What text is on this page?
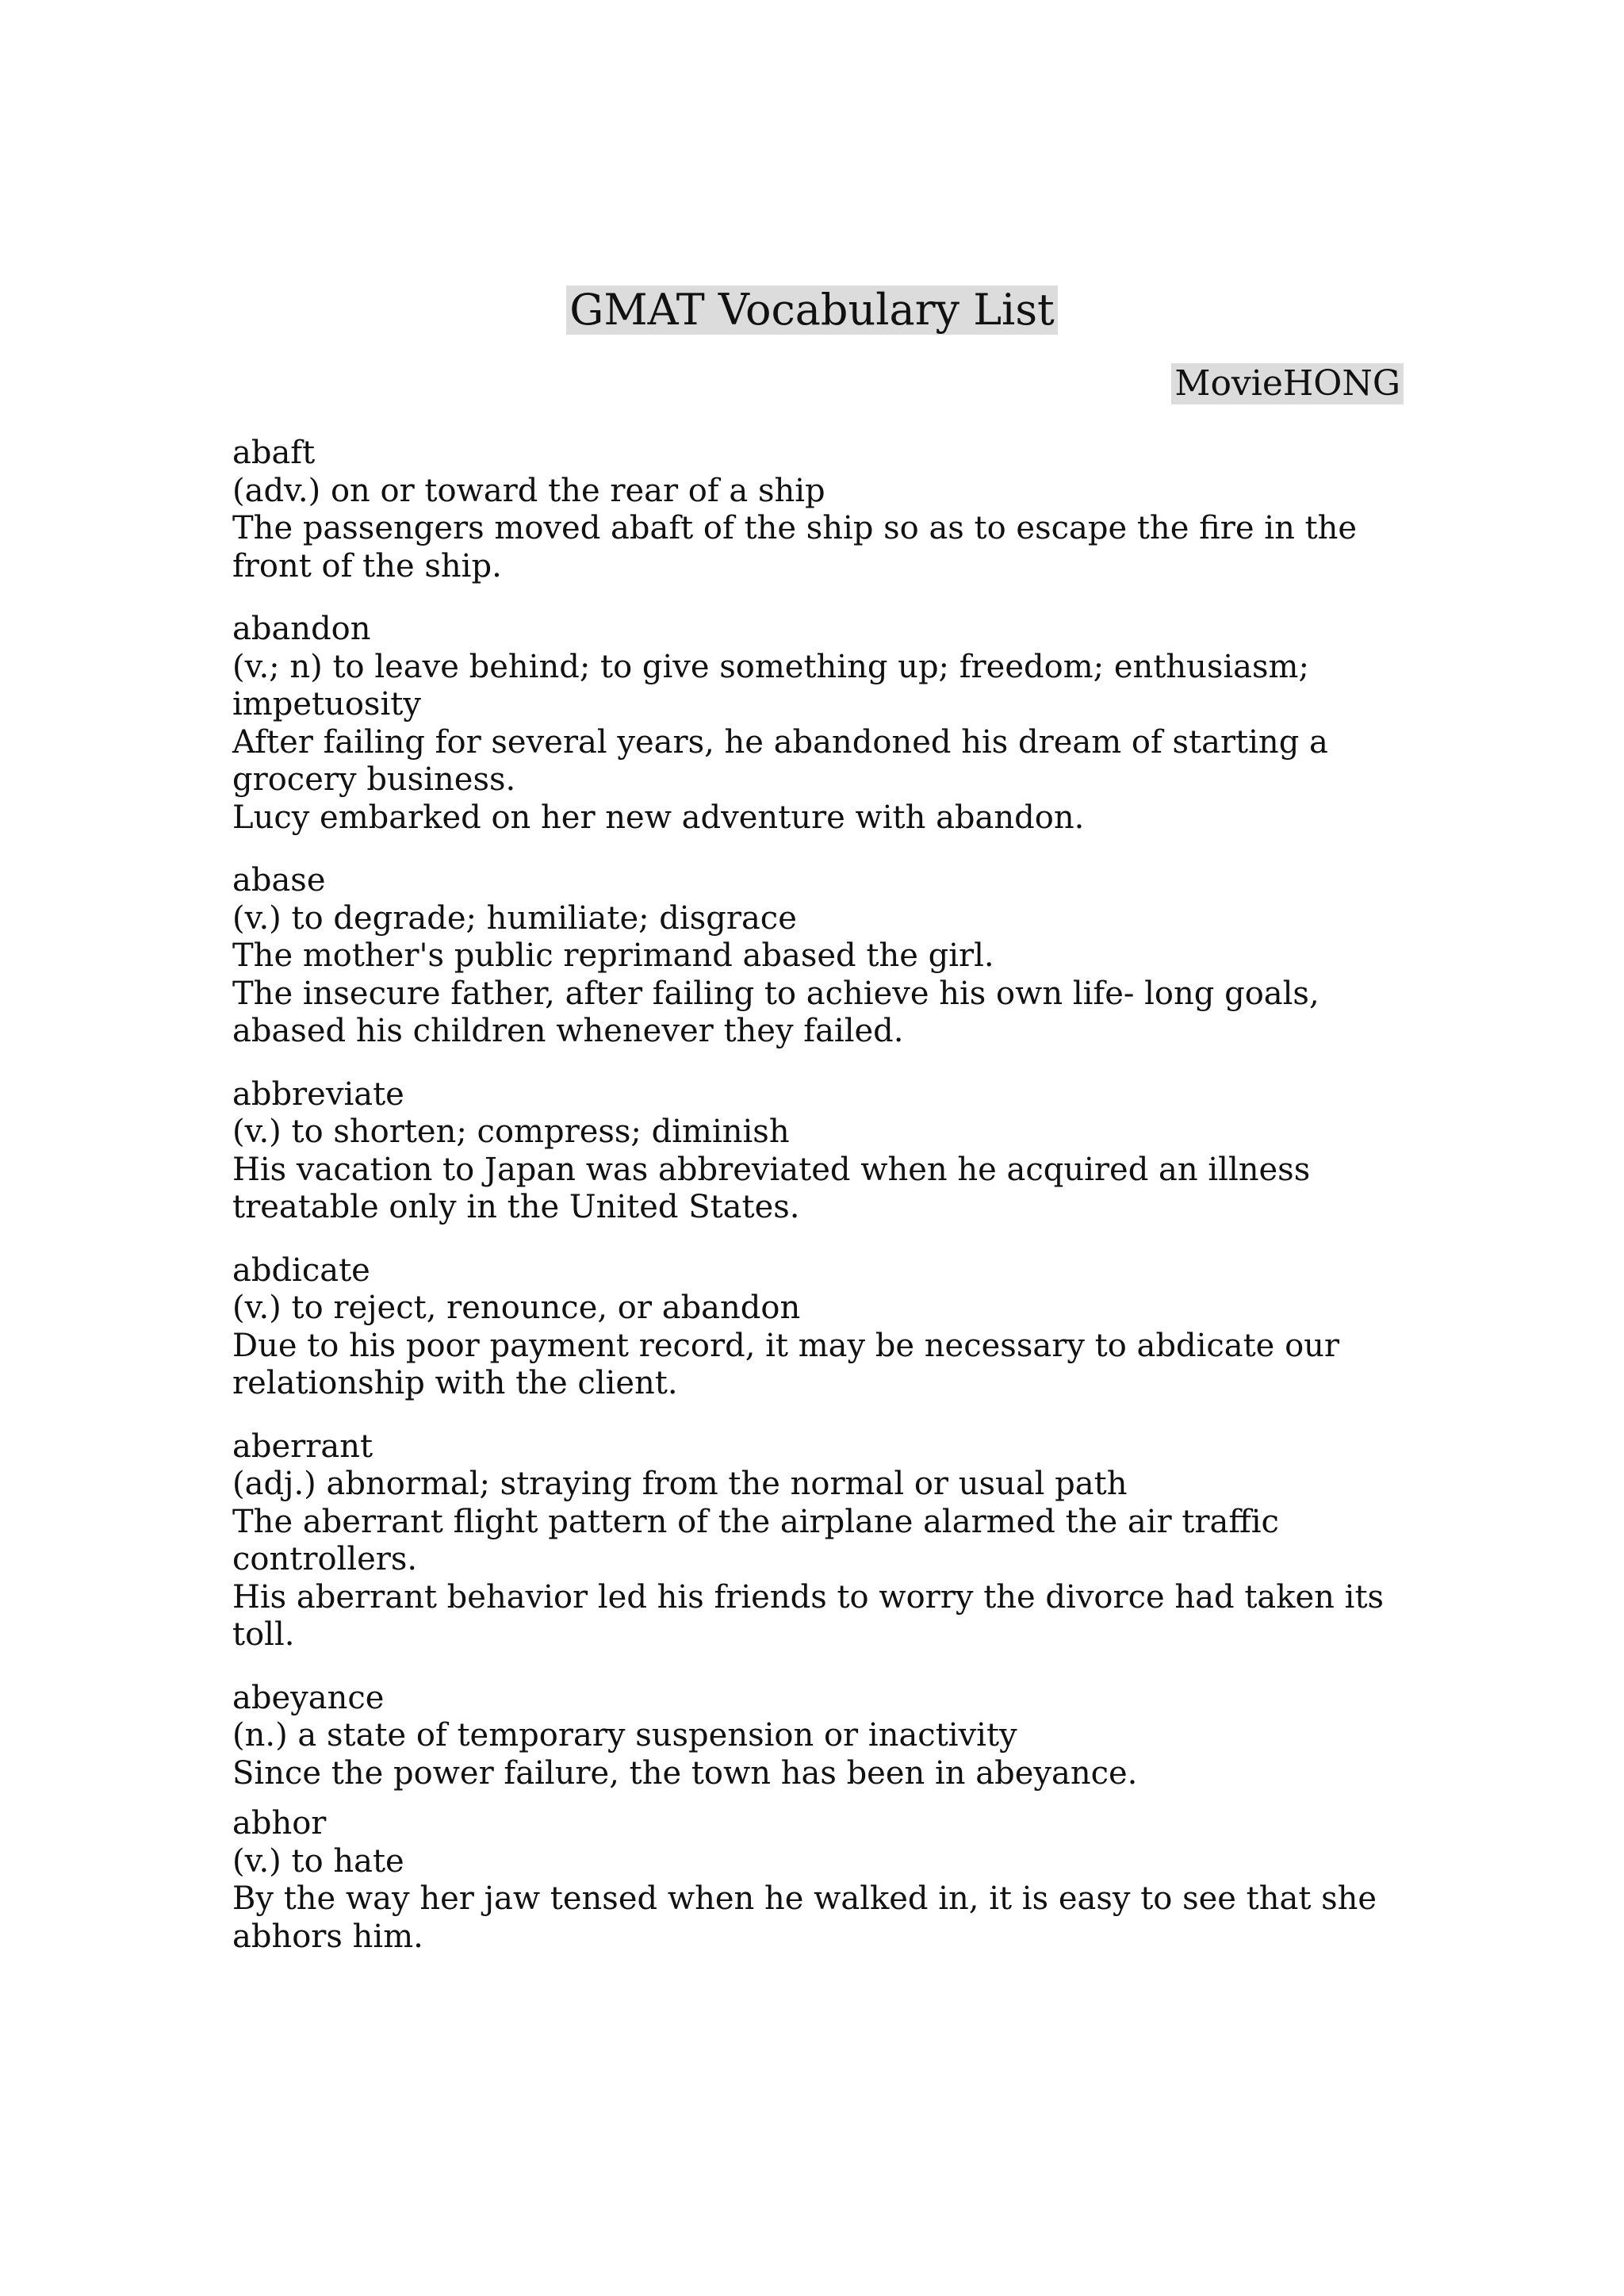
GMAT Vocabulary List
MovieHONG
abaft
(adv.) on or toward the rear of a ship
The passengers moved abaft of the ship so as to escape the fire in the front of the ship.
abandon
(v.; n) to leave behind; to give something up; freedom; enthusiasm; impetuosity
After failing for several years, he abandoned his dream of starting a grocery business.
Lucy embarked on her new adventure with abandon.
abase
(v.) to degrade; humiliate; disgrace
The mother's public reprimand abased the girl.
The insecure father, after failing to achieve his own life- long goals, abased his children whenever they failed.
abbreviate
(v.) to shorten; compress; diminish
His vacation to Japan was abbreviated when he acquired an illness treatable only in the United States.
abdicate
(v.) to reject, renounce, or abandon
Due to his poor payment record, it may be necessary to abdicate our relationship with the client.
aberrant
(adj.) abnormal; straying from the normal or usual path
The aberrant flight pattern of the airplane alarmed the air traffic controllers.
His aberrant behavior led his friends to worry the divorce had taken its toll.
abeyance
(n.) a state of temporary suspension or inactivity
Since the power failure, the town has been in abeyance.
abhor
(v.) to hate
By the way her jaw tensed when he walked in, it is easy to see that she abhors him.
